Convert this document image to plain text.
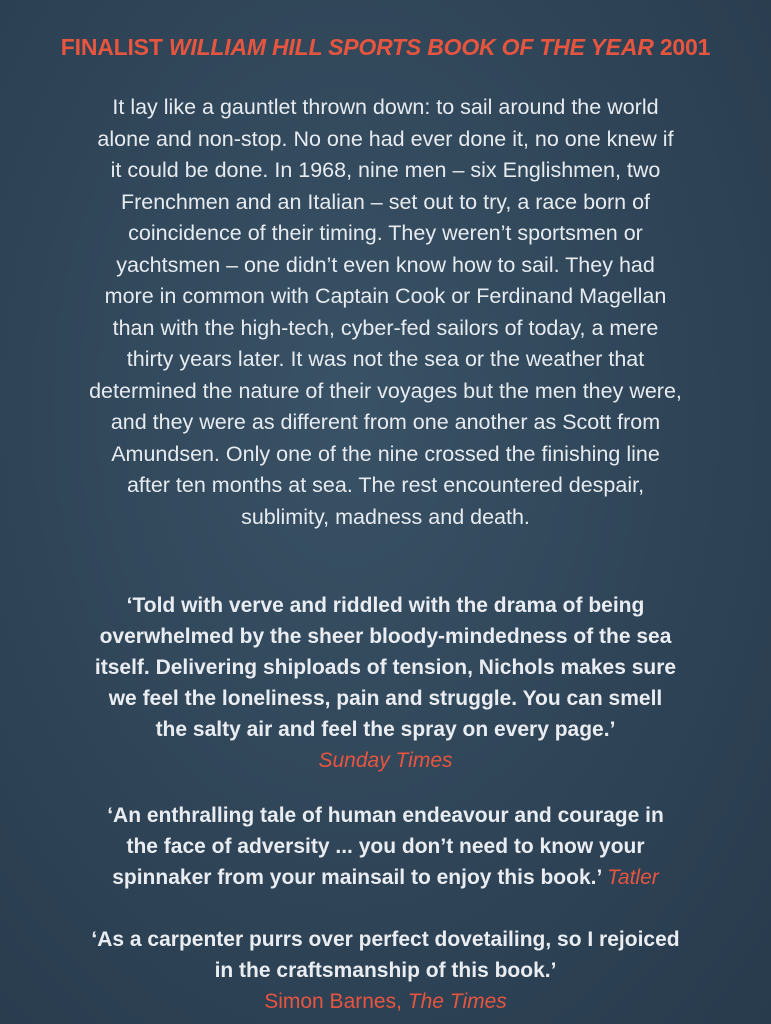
FINALIST WILLIAM HILL SPORTS BOOK OF THE YEAR 2001
It lay like a gauntlet thrown down: to sail around the world
alone and non-stop. No one had ever done it, no one knew if
it could be done. In 1968, nine men – six Englishmen, two
Frenchmen and an Italian – set out to try, a race born of
coincidence of their timing. They weren’t sportsmen or
yachtsmen – one didn’t even know how to sail. They had
more in common with Captain Cook or Ferdinand Magellan
than with the high-tech, cyber-fed sailors of today, a mere
thirty years later. It was not the sea or the weather that
determined the nature of their voyages but the men they were,
and they were as different from one another as Scott from
Amundsen. Only one of the nine crossed the finishing line
after ten months at sea. The rest encountered despair,
sublimity, madness and death.
‘Told with verve and riddled with the drama of being
overwhelmed by the sheer bloody-mindedness of the sea
itself. Delivering shiploads of tension, Nichols makes sure
we feel the loneliness, pain and struggle. You can smell
the salty air and feel the spray on every page.’
Sunday Times
‘An enthralling tale of human endeavour and courage in
the face of adversity ... you don’t need to know your
spinnaker from your mainsail to enjoy this book.’ Tatler
‘As a carpenter purrs over perfect dovetailing, so I rejoiced
in the craftsmanship of this book.’
Simon Barnes, The Times
